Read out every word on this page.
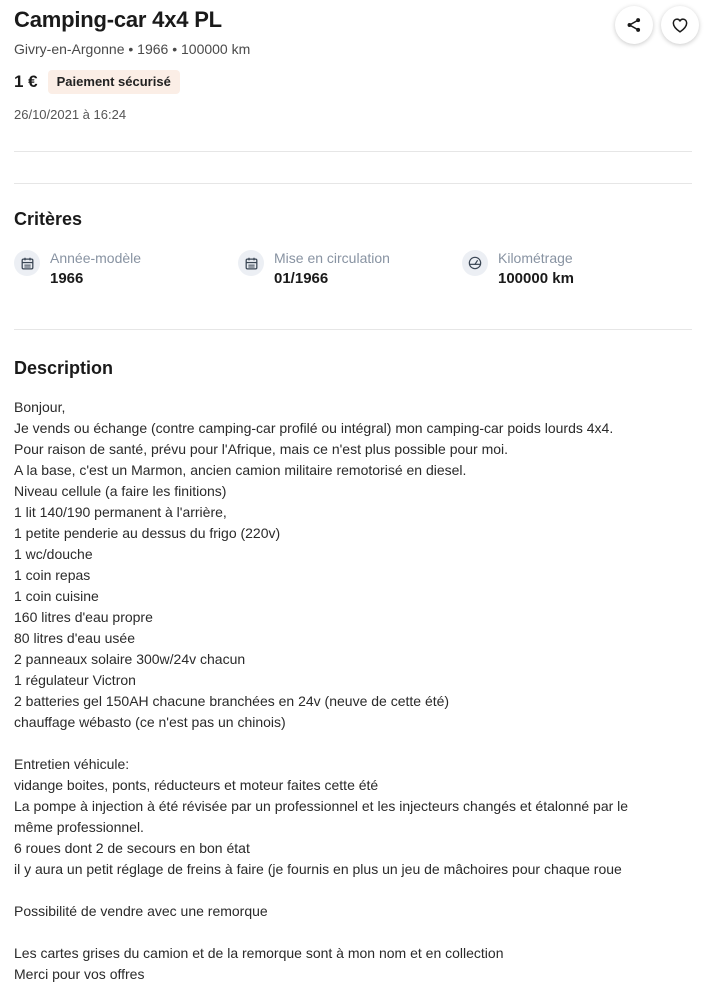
Camping-car 4x4 PL
Givry-en-Argonne • 1966 • 100000 km
1 €	Paiement sécurisé
26/10/2021 à 16:24
Critères
Année-modèle
1966
Mise en circulation
01/1966
Kilométrage
100000 km
Description
Bonjour,
Je vends ou échange (contre camping-car profilé ou intégral) mon camping-car poids lourds 4x4.
Pour raison de santé, prévu pour l'Afrique, mais ce n'est plus possible pour moi.
A la base, c'est un Marmon, ancien camion militaire remotorisé en diesel.
Niveau cellule (a faire les finitions)
1 lit 140/190 permanent à l'arrière,
1 petite penderie au dessus du frigo (220v)
1 wc/douche
1 coin repas
1 coin cuisine
160 litres d'eau propre
80 litres d'eau usée
2 panneaux solaire 300w/24v chacun
1 régulateur Victron
2 batteries gel 150AH chacune branchées en 24v (neuve de cette été)
chauffage wébasto (ce n'est pas un chinois)
Entretien véhicule:
vidange boites, ponts, réducteurs et moteur faites cette été
La pompe à injection à été révisée par un professionnel et les injecteurs changés et étalonné par le
même professionnel.
6 roues dont 2 de secours en bon état
il y aura un petit réglage de freins à faire (je fournis en plus un jeu de mâchoires pour chaque roue
Possibilité de vendre avec une remorque
Les cartes grises du camion et de la remorque sont à mon nom et en collection
Merci pour vos offres
